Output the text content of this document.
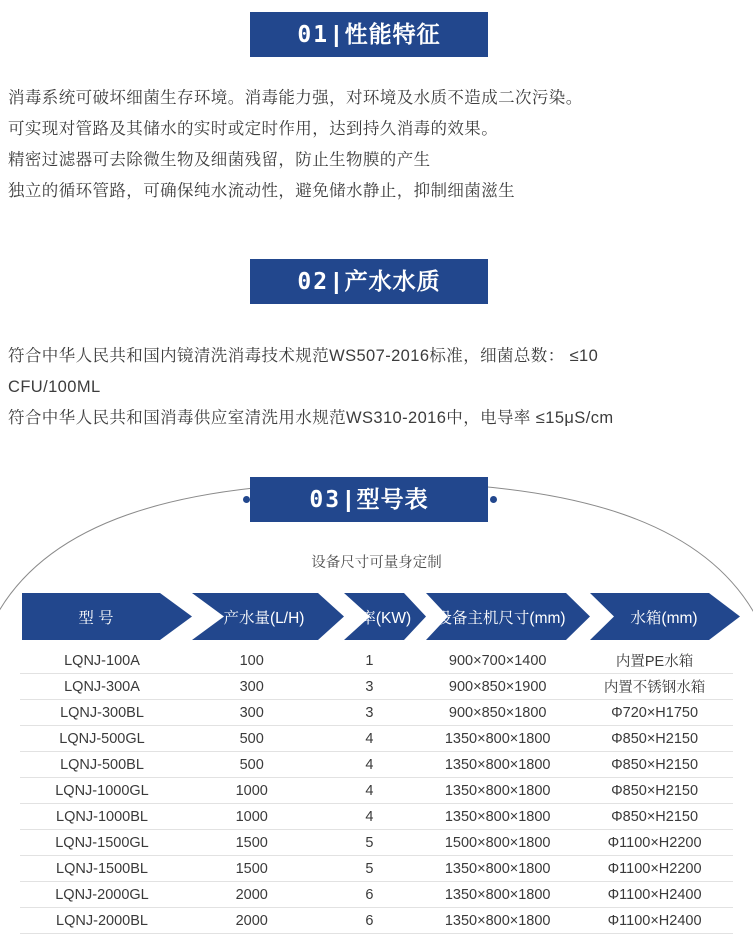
01 | 性能特征
消毒系统可破坏细菌生存环境。消毒能力强，对环境及水质不造成二次污染。
可实现对管路及其储水的实时或定时作用，达到持久消毒的效果。
精密过滤器可去除微生物及细菌残留，防止生物膜的产生
独立的循环管路，可确保纯水流动性，避免储水静止，抑制细菌滋生
02 | 产水水质
符合中华人民共和国内镜清洗消毒技术规范WS507-2016标准，细菌总数： ≤10
CFU/100ML
符合中华人民共和国消毒供应室清洗用水规范WS310-2016中，电导率 ≤15μS/cm
03 | 型号表
设备尺寸可量身定制
型 号	产水量(L/H)	功率(KW)	设备主机尺寸(mm)	水箱(mm)
LQNJ-100A	100	1	900×700×1400	内置PE水箱
LQNJ-300A	300	3	900×850×1900	内置不锈钢水箱
LQNJ-300BL	300	3	900×850×1800	Φ720×H1750
LQNJ-500GL	500	4	1350×800×1800	Φ850×H2150
LQNJ-500BL	500	4	1350×800×1800	Φ850×H2150
LQNJ-1000GL	1000	4	1350×800×1800	Φ850×H2150
LQNJ-1000BL	1000	4	1350×800×1800	Φ850×H2150
LQNJ-1500GL	1500	5	1500×800×1800	Φ1100×H2200
LQNJ-1500BL	1500	5	1350×800×1800	Φ1100×H2200
LQNJ-2000GL	2000	6	1350×800×1800	Φ1100×H2400
LQNJ-2000BL	2000	6	1350×800×1800	Φ1100×H2400
